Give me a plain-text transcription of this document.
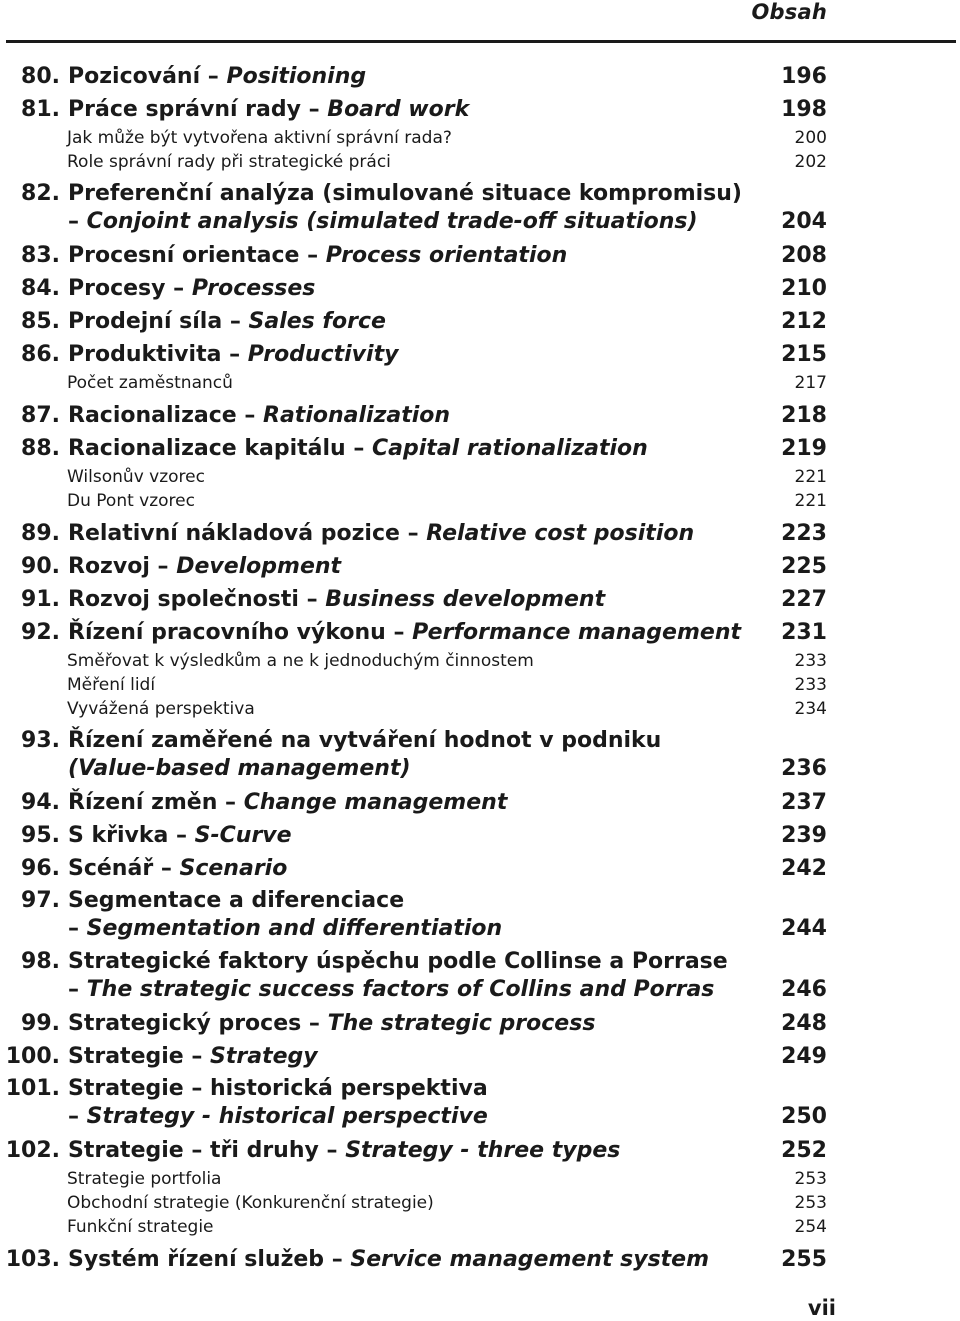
Obsah
80. Pozicování – Positioning	196
81. Práce správní rady – Board work	198
Jak může být vytvořena aktivní správní rada?	200
Role správní rady při strategické práci	202
82. Preferenční analýza (simulované situace kompromisu)
– Conjoint analysis (simulated trade-off situations)	204
83. Procesní orientace – Process orientation	208
84. Procesy – Processes	210
85. Prodejní síla – Sales force	212
86. Produktivita – Productivity	215
Počet zaměstnanců	217
87. Racionalizace – Rationalization	218
88. Racionalizace kapitálu – Capital rationalization	219
Wilsonův vzorec	221
Du Pont vzorec	221
89. Relativní nákladová pozice – Relative cost position	223
90. Rozvoj – Development	225
91. Rozvoj společnosti – Business development	227
92. Řízení pracovního výkonu – Performance management	231
Směřovat k výsledkům a ne k jednoduchým činnostem	233
Měření lidí	233
Vyvážená perspektiva	234
93. Řízení zaměřené na vytváření hodnot v podniku
(Value-based management)	236
94. Řízení změn – Change management	237
95. S křivka – S-Curve	239
96. Scénář – Scenario	242
97. Segmentace a diferenciace
– Segmentation and differentiation	244
98. Strategické faktory úspěchu podle Collinse a Porrase
– The strategic success factors of Collins and Porras	246
99. Strategický proces – The strategic process	248
100. Strategie – Strategy	249
101. Strategie – historická perspektiva
– Strategy - historical perspective	250
102. Strategie – tři druhy – Strategy - three types	252
Strategie portfolia	253
Obchodní strategie (Konkurenční strategie)	253
Funkční strategie	254
103. Systém řízení služeb – Service management system	255
vii
